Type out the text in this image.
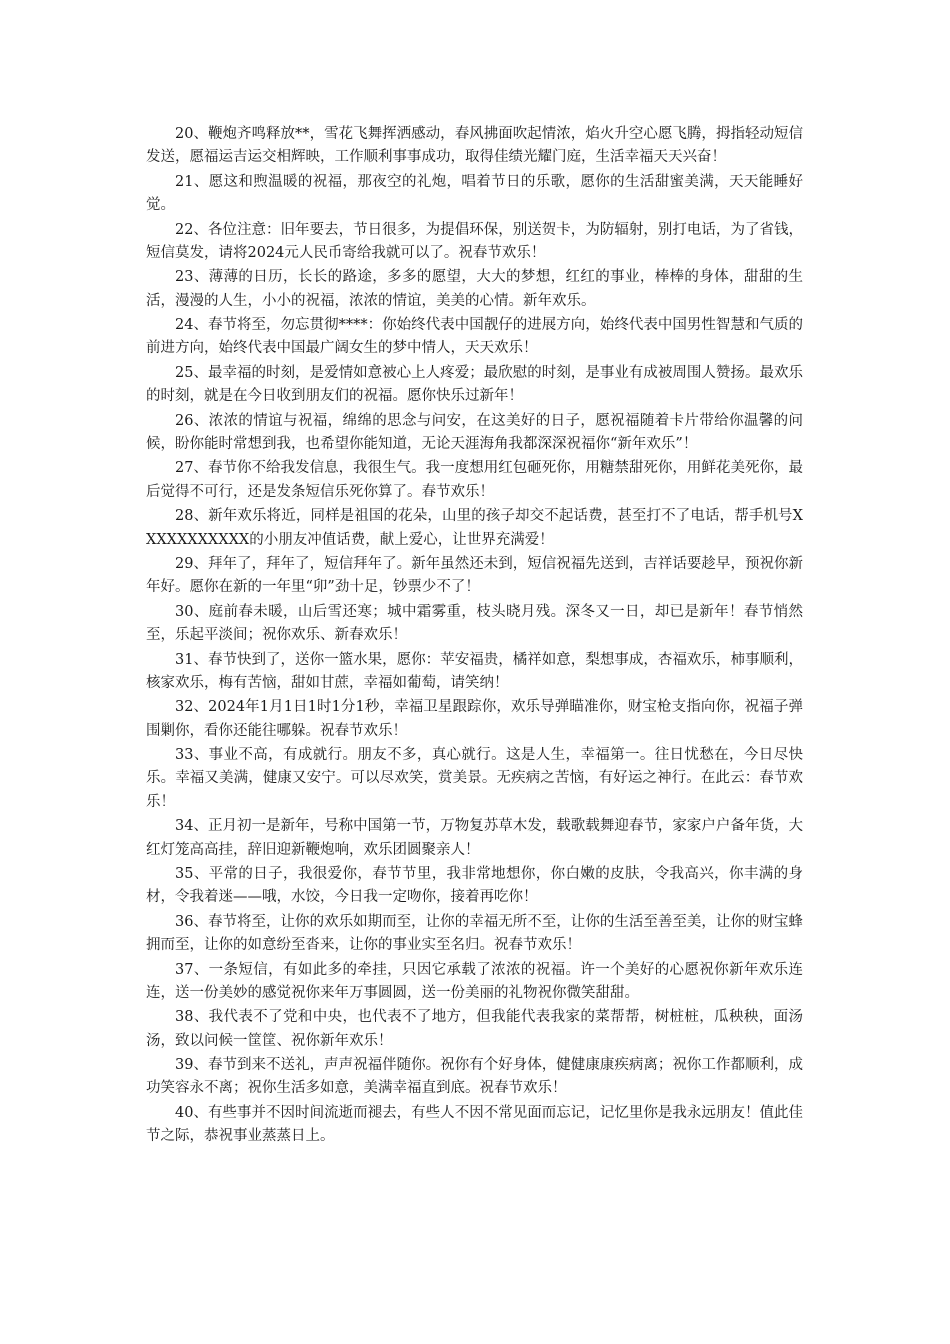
20、鞭炮齐鸣释放**，雪花飞舞挥洒感动，春风拂面吹起情浓，焰火升空心愿飞腾，拇指轻动短信发送，愿福运吉运交相辉映，工作顺利事事成功，取得佳绩光耀门庭，生活幸福天天兴奋！

21、愿这和煦温暖的祝福，那夜空的礼炮，唱着节日的乐歌，愿你的生活甜蜜美满，天天能睡好觉。

22、各位注意：旧年要去，节日很多，为提倡环保，别送贺卡，为防辐射，别打电话，为了省钱，短信莫发，请将2024元人民币寄给我就可以了。祝春节欢乐！

23、薄薄的日历，长长的路途，多多的愿望，大大的梦想，红红的事业，棒棒的身体，甜甜的生活，漫漫的人生，小小的祝福，浓浓的情谊，美美的心情。新年欢乐。

24、春节将至，勿忘贯彻****：你始终代表中国靓仔的进展方向，始终代表中国男性智慧和气质的前进方向，始终代表中国最广阔女生的梦中情人，天天欢乐！

25、最幸福的时刻，是爱情如意被心上人疼爱；最欣慰的时刻，是事业有成被周围人赞扬。最欢乐的时刻，就是在今日收到朋友们的祝福。愿你快乐过新年！

26、浓浓的情谊与祝福，绵绵的思念与问安，在这美好的日子，愿祝福随着卡片带给你温馨的问候，盼你能时常想到我，也希望你能知道，无论天涯海角我都深深祝福你“新年欢乐”！

27、春节你不给我发信息，我很生气。我一度想用红包砸死你，用糖禁甜死你，用鲜花美死你，最后觉得不可行，还是发条短信乐死你算了。春节欢乐！

28、新年欢乐将近，同样是祖国的花朵，山里的孩子却交不起话费，甚至打不了电话，帮手机号XXXXXXXXXXX的小朋友冲值话费，献上爱心，让世界充满爱！

29、拜年了，拜年了，短信拜年了。新年虽然还未到，短信祝福先送到，吉祥话要趁早，预祝你新年好。愿你在新的一年里“卯”劲十足，钞票少不了！

30、庭前春未暖，山后雪还寒；城中霜雾重，枝头晓月残。深冬又一日，却已是新年！春节悄然至，乐起平淡间；祝你欢乐、新春欢乐！

31、春节快到了，送你一篮水果，愿你：苹安福贵，橘祥如意，梨想事成，杏福欢乐，柿事顺利，核家欢乐，梅有苦恼，甜如甘蔗，幸福如葡萄，请笑纳！

32、2024年1月1日1时1分1秒，幸福卫星跟踪你，欢乐导弹瞄准你，财宝枪支指向你，祝福子弹围剿你，看你还能往哪躲。祝春节欢乐！

33、事业不高，有成就行。朋友不多，真心就行。这是人生，幸福第一。往日忧愁在，今日尽快乐。幸福又美满，健康又安宁。可以尽欢笑，赏美景。无疾病之苦恼，有好运之神行。在此云：春节欢乐！

34、正月初一是新年，号称中国第一节，万物复苏草木发，载歌载舞迎春节，家家户户备年货，大红灯笼高高挂，辞旧迎新鞭炮响，欢乐团圆聚亲人！

35、平常的日子，我很爱你，春节节里，我非常地想你，你白嫩的皮肤，令我高兴，你丰满的身材，令我着迷——哦，水饺，今日我一定吻你，接着再吃你！

36、春节将至，让你的欢乐如期而至，让你的幸福无所不至，让你的生活至善至美，让你的财宝蜂拥而至，让你的如意纷至沓来，让你的事业实至名归。祝春节欢乐！

37、一条短信，有如此多的牵挂，只因它承载了浓浓的祝福。许一个美好的心愿祝你新年欢乐连连，送一份美妙的感觉祝你来年万事圆圆，送一份美丽的礼物祝你微笑甜甜。

38、我代表不了党和中央，也代表不了地方，但我能代表我家的菜帮帮，树桩桩，瓜秧秧，面汤汤，致以问候一筐筐、祝你新年欢乐！

39、春节到来不送礼，声声祝福伴随你。祝你有个好身体，健健康康疾病离；祝你工作都顺利，成功笑容永不离；祝你生活多如意，美满幸福直到底。祝春节欢乐！

40、有些事并不因时间流逝而褪去，有些人不因不常见面而忘记，记忆里你是我永远朋友！值此佳节之际，恭祝事业蒸蒸日上。
